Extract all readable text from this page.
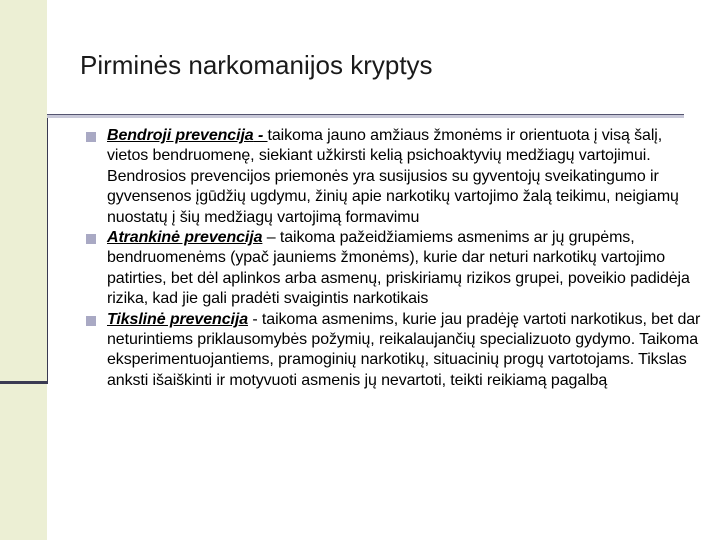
Pirminės narkomanijos kryptys
Bendroji prevencija - taikoma jauno amžiaus žmonėms ir orientuota į visą šalį, vietos bendruomenę, siekiant užkirsti kelią psichoaktyvių medžiagų vartojimui. Bendrosios prevencijos priemonės yra susijusios su gyventojų sveikatingumo ir gyvensenos įgūdžių ugdymu, žinių apie narkotikų vartojimo žalą teikimu, neigiamų nuostatų į šių medžiagų vartojimą formavimu
Atrankinė prevencija – taikoma pažeidžiamiems asmenims ar jų grupėms, bendruomenėms (ypač jauniems žmonėms), kurie dar neturi narkotikų vartojimo patirties, bet dėl aplinkos arba asmenų, priskiriamų rizikos grupei, poveikio padidėja rizika, kad jie gali pradėti svaigintis narkotikais
Tikslinė prevencija - taikoma asmenims, kurie jau pradėję vartoti narkotikus, bet dar neturintiems priklausomybės požymių, reikalaujančių specializuoto gydymo. Taikoma eksperimentuojantiems, pramoginių narkotikų, situacinių progų vartotojams. Tikslas anksti išaiškinti ir motyvuoti asmenis jų nevartoti, teikti reikiamą pagalbą
